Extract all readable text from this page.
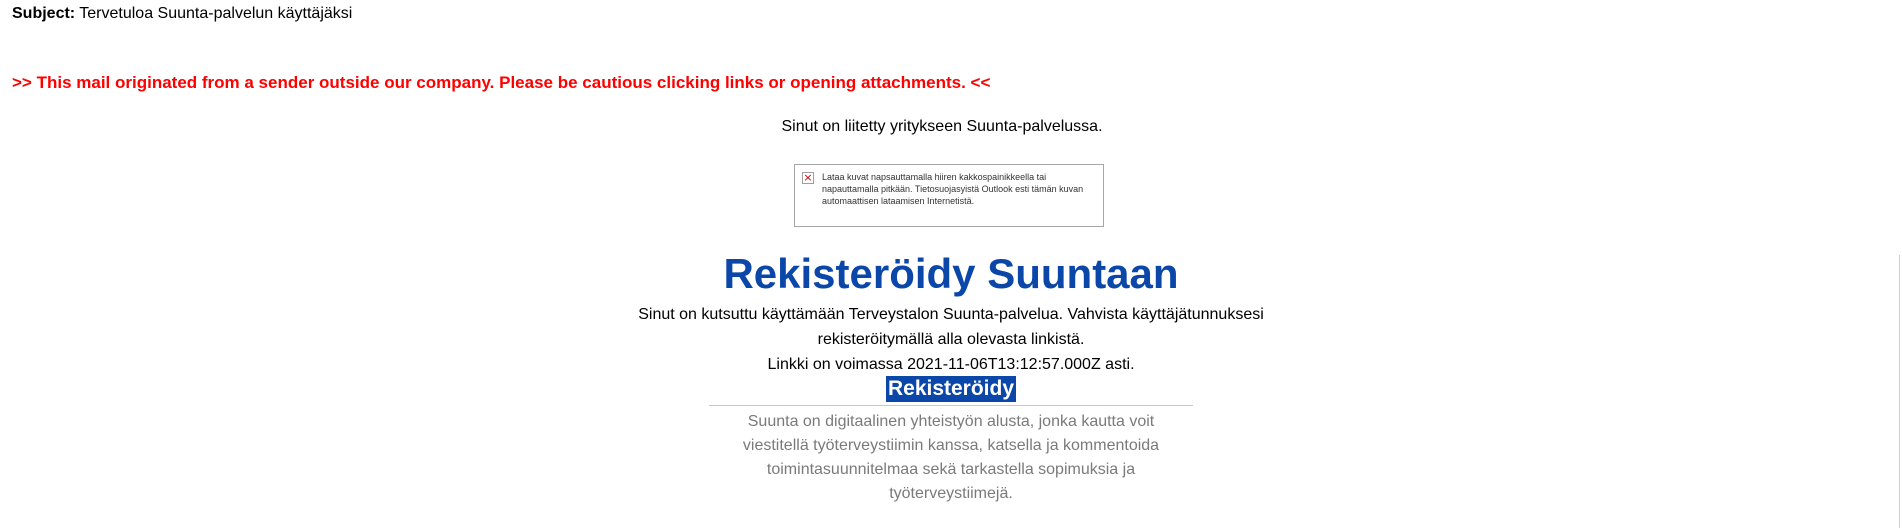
Subject: Tervetuloa Suunta-palvelun käyttäjäksi
>> This mail originated from a sender outside our company. Please be cautious clicking links or opening attachments. <<
Sinut on liitetty yritykseen Suunta-palvelussa.
× Lataa kuvat napsauttamalla hiiren kakkospainikkeella tai napauttamalla pitkään. Tietosuojasyistä Outlook esti tämän kuvan automaattisen lataamisen Internetistä.
Rekisteröidy Suuntaan
Sinut on kutsuttu käyttämään Terveystalon Suunta-palvelua. Vahvista käyttäjätunnuksesi
rekisteröitymällä alla olevasta linkistä.
Linkki on voimassa 2021-11-06T13:12:57.000Z asti.
Rekisteröidy
Suunta on digitaalinen yhteistyön alusta, jonka kautta voit
viestitellä työterveystiimin kanssa, katsella ja kommentoida
toimintasuunnitelmaa sekä tarkastella sopimuksia ja
työterveystiimejä.
